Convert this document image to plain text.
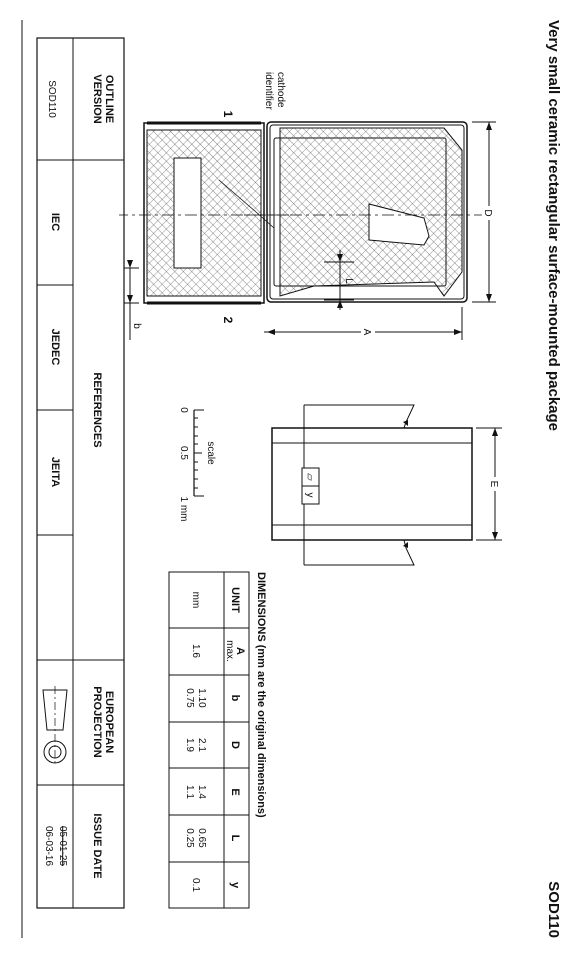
Very small ceramic rectangular surface-mounted package
SOD110
D
A
L
▱
y
E
1
2
cathode
identifier
b
0
0.5
1 mm
scale
DIMENSIONS (mm are the original dimensions)
UNIT
A
max.
b
D
E
L
y
mm
1.6
1.10
0.75
2.1
1.9
1.4
1.1
0.65
0.25
0.1
OUTLINE
VERSION
REFERENCES
IEC
JEDEC
JEITA
EUROPEAN
PROJECTION
ISSUE DATE
SOD110
05-01-25
06-03-16
